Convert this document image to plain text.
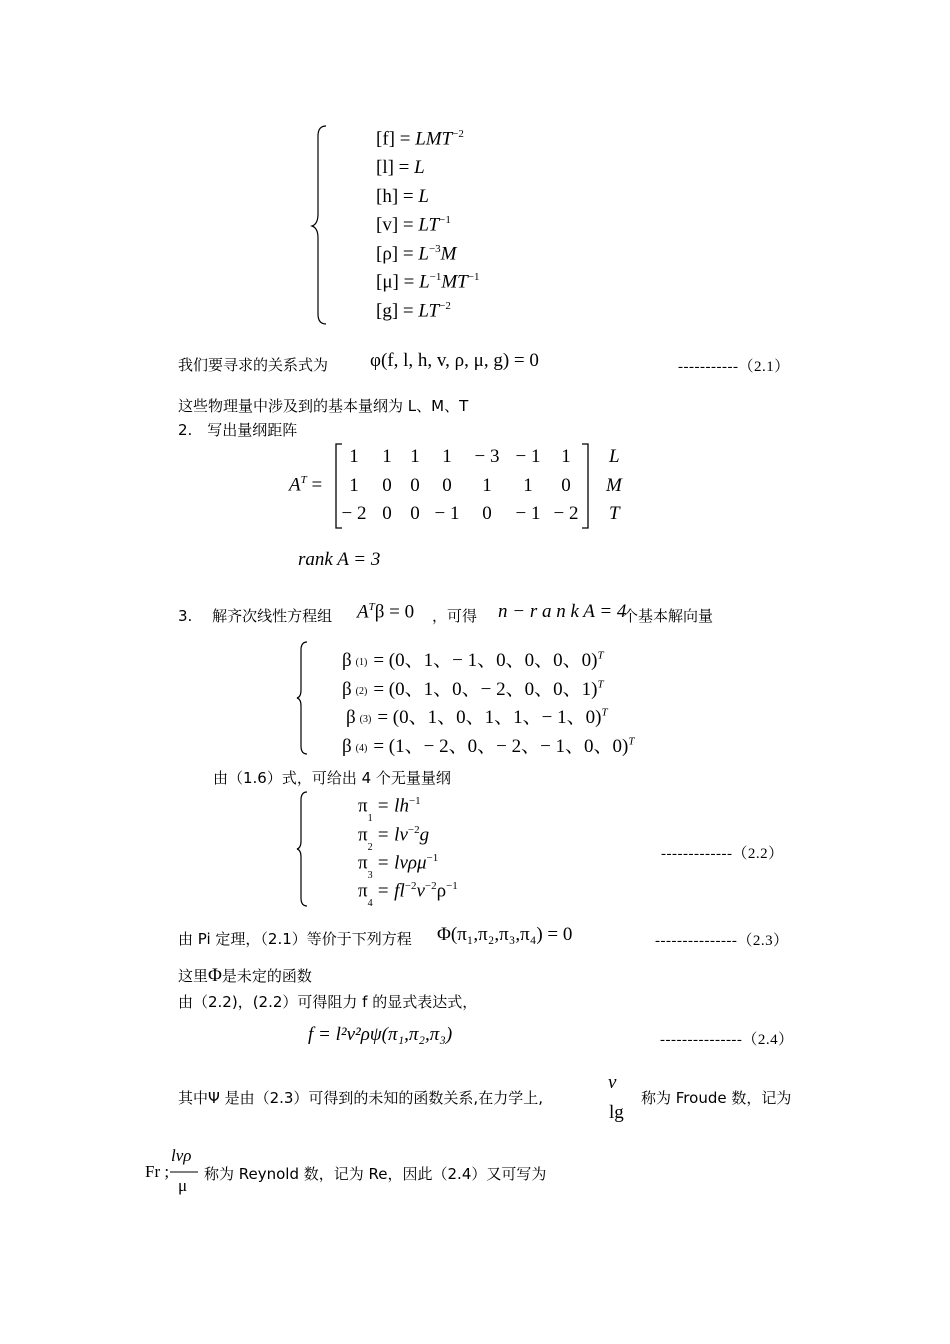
$[f] = LMT^{-2}$
[l] = L
[h] = L
$[v] = LT^{-1}$
$[\rho] = L^{-3}M$
$[\mu] = L^{-1}MT^{-1}$
$[g] = LT^{-2}$
我们要寻求的关系式为 φ(f, l, h, v, ρ, μ, g) = 0	-----------（2.1）
这些物理量中涉及到的基本量纲为 L、M、T
2.　写出量纲距阵
$A^T$ =
1	1 1	1	− 3 − 1	1
1	0 0	0	1	1	0
− 2 0 0 − 1	0	− 1 − 2
L
M
T
rank A = 3
3.　 解齐次线性方程组 $A^T\beta = 0$ ，可得 n − r a n k A = 4
个基本解向量
β (1) = (0、1、− 1、0、0、0、0)$^T$
β (2) = (0、1、0、− 2、0、0、1)$^T$
β (3) = (0、1、0、1、1、− 1、0)$^T$
β (4) = (1、− 2、0、− 2、− 1、0、0)$^T$
由（1.6）式，可给出 4 个无量量纲
$\pi_1= lh^{-1}$
$\pi_2= lv^{-2}g$
$\pi_3= lv\rho\mu^{-1}$
$\pi_4= fl^{-2}v^{-2}\rho^{-1}$
-------------（2.2）
由 Pi 定理，（2.1）等价于下列方程 Φ(π₁,π₂,π₃,π₄) = 0	---------------（2.3）
这里Φ是未定的函数
由（2.2)，(2.2）可得阻力 f 的显式表达式，
f = l²v²ρψ(π₁,π₂,π₃)	---------------（2.4）
其中Ψ 是由（2.3）可得到的未知的函数关系,在力学上,
v
lg
称为 Froude 数，记为
Fr ;
lvρ
μ
称为 Reynold 数，记为 Re，因此（2.4）又可写为
